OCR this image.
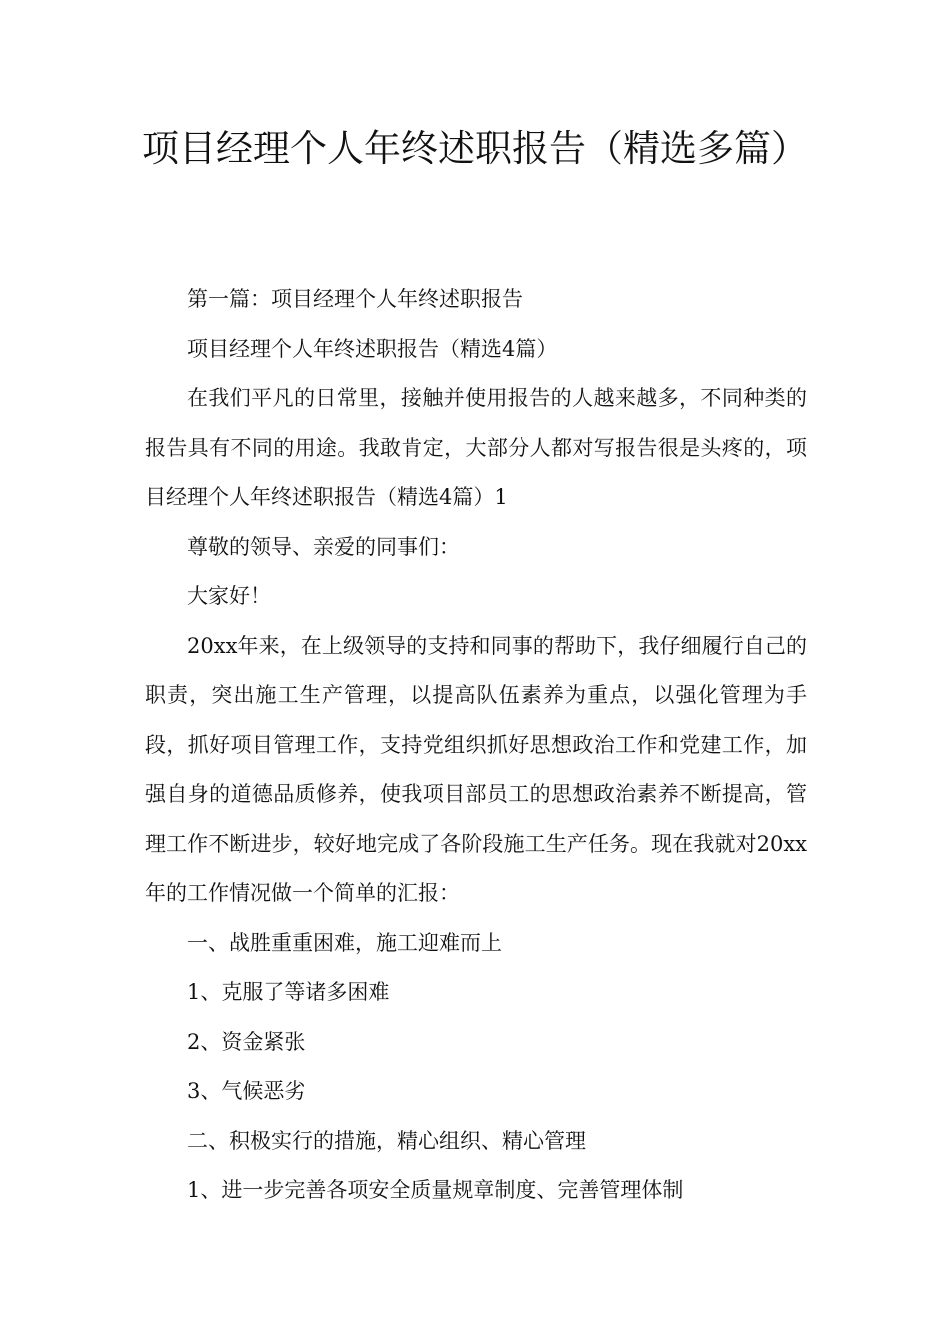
项目经理个人年终述职报告（精选多篇）

第一篇：项目经理个人年终述职报告

项目经理个人年终述职报告（精选4篇）

在我们平凡的日常里，接触并使用报告的人越来越多，不同种类的报告具有不同的用途。我敢肯定，大部分人都对写报告很是头疼的，项目经理个人年终述职报告（精选4篇）1

尊敬的领导、亲爱的同事们：

大家好！

20xx年来，在上级领导的支持和同事的帮助下，我仔细履行自己的职责，突出施工生产管理，以提高队伍素养为重点，以强化管理为手段，抓好项目管理工作，支持党组织抓好思想政治工作和党建工作，加强自身的道德品质修养，使我项目部员工的思想政治素养不断提高，管理工作不断进步，较好地完成了各阶段施工生产任务。现在我就对20xx年的工作情况做一个简单的汇报：

一、战胜重重困难，施工迎难而上

1、克服了等诸多困难

2、资金紧张

3、气候恶劣

二、积极实行的措施，精心组织、精心管理

1、进一步完善各项安全质量规章制度、完善管理体制
